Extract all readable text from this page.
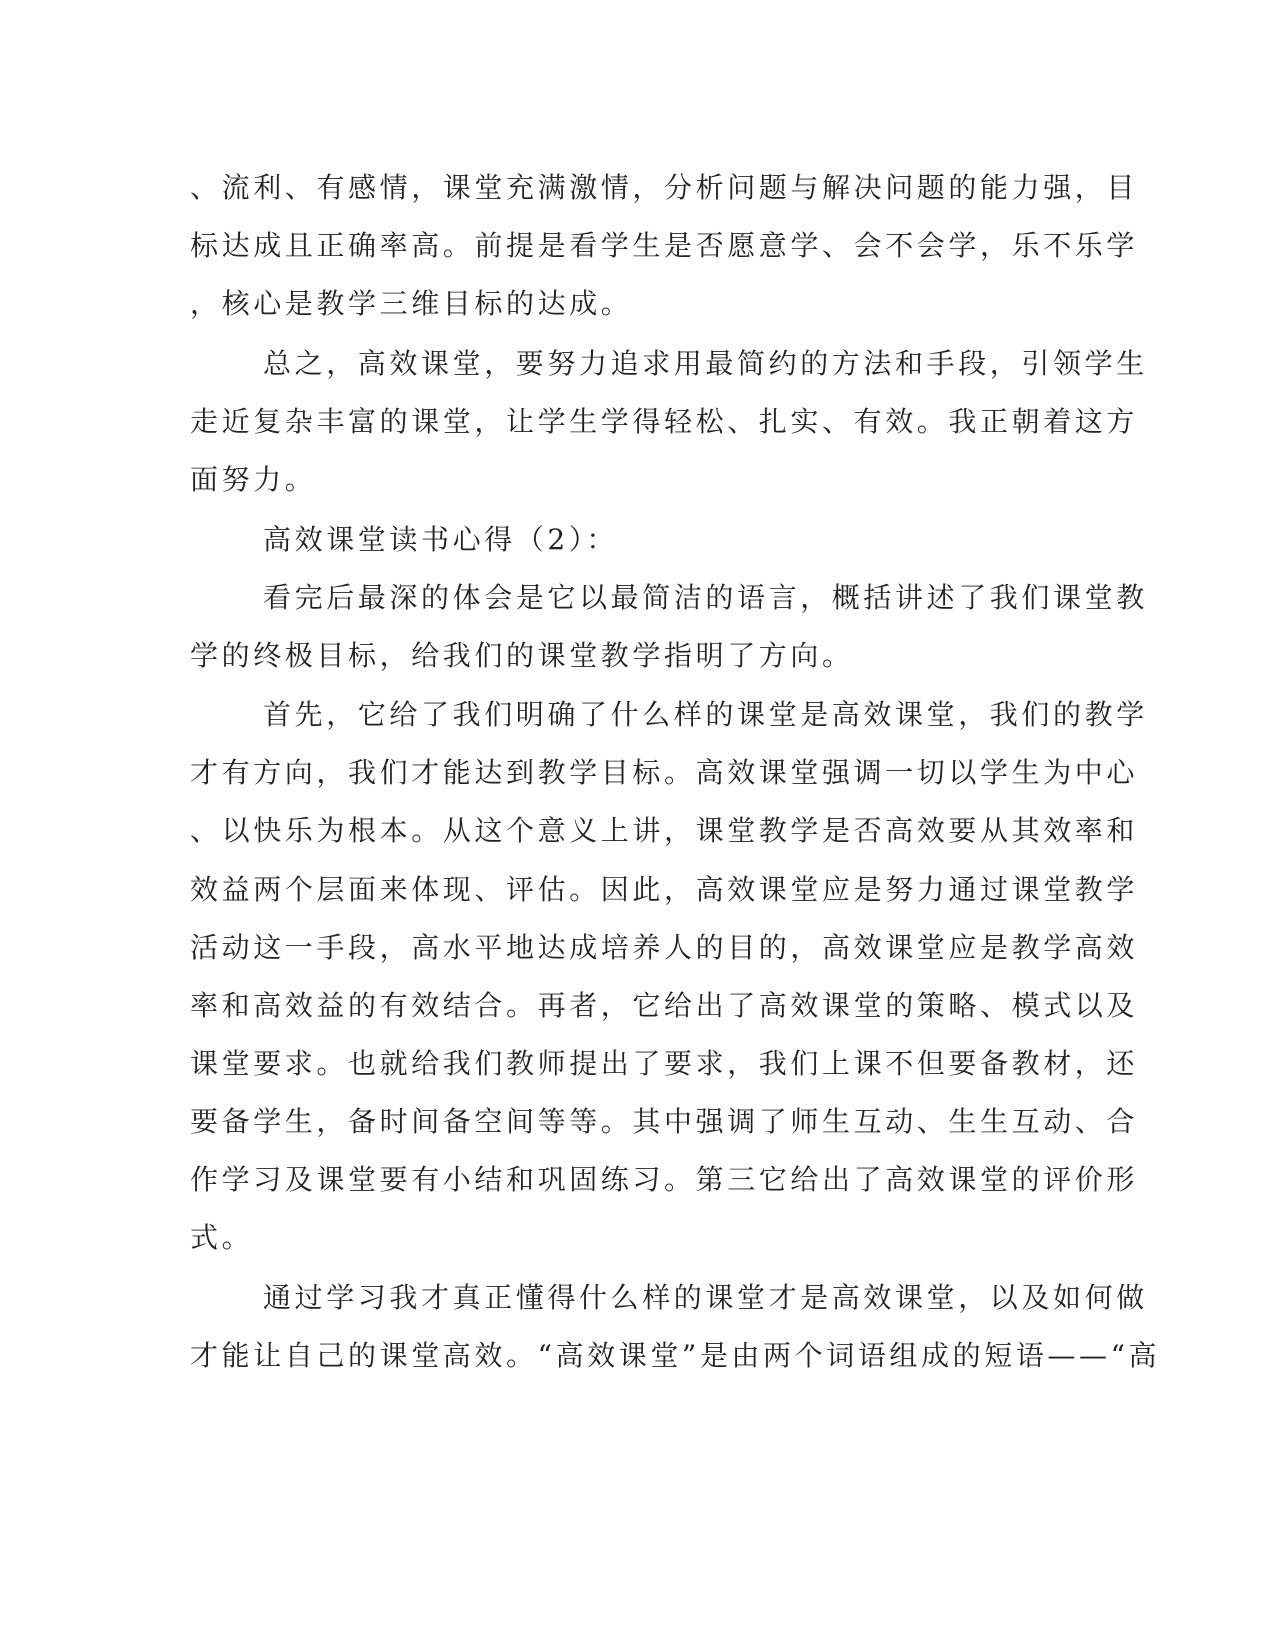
、流利、有感情，课堂充满激情，分析问题与解决问题的能力强，目
标达成且正确率高。前提是看学生是否愿意学、会不会学，乐不乐学
，核心是教学三维目标的达成。
总之，高效课堂，要努力追求用最简约的方法和手段，引领学生
走近复杂丰富的课堂，让学生学得轻松、扎实、有效。我正朝着这方
面努力。
高效课堂读书心得（2）：
看完后最深的体会是它以最简洁的语言，概括讲述了我们课堂教
学的终极目标，给我们的课堂教学指明了方向。
首先，它给了我们明确了什么样的课堂是高效课堂，我们的教学
才有方向，我们才能达到教学目标。高效课堂强调一切以学生为中心
、以快乐为根本。从这个意义上讲，课堂教学是否高效要从其效率和
效益两个层面来体现、评估。因此，高效课堂应是努力通过课堂教学
活动这一手段，高水平地达成培养人的目的，高效课堂应是教学高效
率和高效益的有效结合。再者，它给出了高效课堂的策略、模式以及
课堂要求。也就给我们教师提出了要求，我们上课不但要备教材，还
要备学生，备时间备空间等等。其中强调了师生互动、生生互动、合
作学习及课堂要有小结和巩固练习。第三它给出了高效课堂的评价形
式。
通过学习我才真正懂得什么样的课堂才是高效课堂，以及如何做
才能让自己的课堂高效。“高效课堂”是由两个词语组成的短语——“高
